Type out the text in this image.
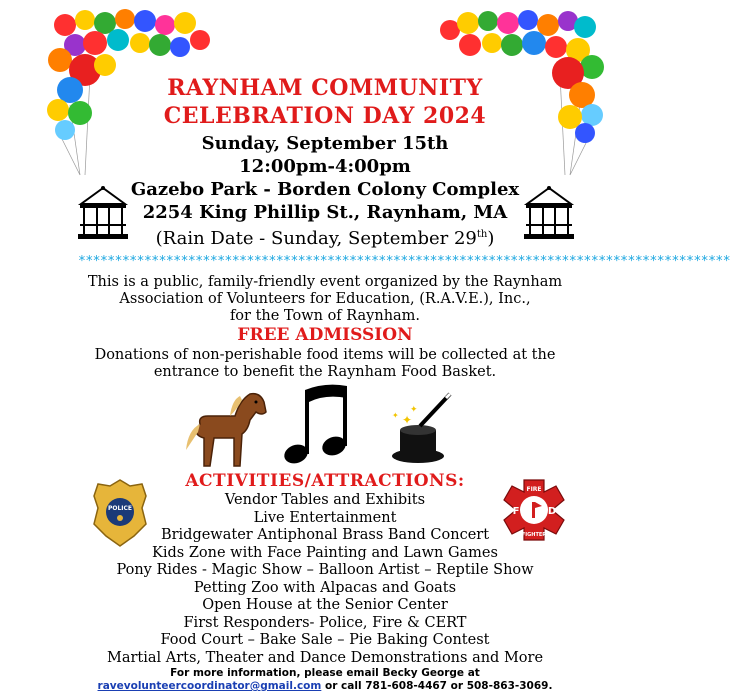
RAYNHAM COMMUNITY
CELEBRATION DAY 2024
Sunday, September 15th
12:00pm-4:00pm
Gazebo Park - Borden Colony Complex
2254 King Phillip St., Raynham, MA
(Rain Date - Sunday, September 29th)
*****************************************************************************************
This is a public, family-friendly event organized by the Raynham
Association of Volunteers for Education, (R.A.V.E.), Inc.,
for the Town of Raynham.
FREE ADMISSION
Donations of non-perishable food items will be collected at the
entrance to benefit the Raynham Food Basket.
✦
✦
✦
ACTIVITIES/ATTRACTIONS:
POLICE
FIRE
F	D
FIGHTER
Vendor Tables and Exhibits
Live Entertainment
Bridgewater Antiphonal Brass Band Concert
Kids Zone with Face Painting and Lawn Games
Pony Rides - Magic Show – Balloon Artist – Reptile Show
Petting Zoo with Alpacas and Goats
Open House at the Senior Center
First Responders- Police, Fire & CERT
Food Court – Bake Sale – Pie Baking Contest
Martial Arts, Theater and Dance Demonstrations and More
For more information, please email Becky George at
ravevolunteercoordinator@gmail.com or call 781-608-4467 or 508-863-3069.
